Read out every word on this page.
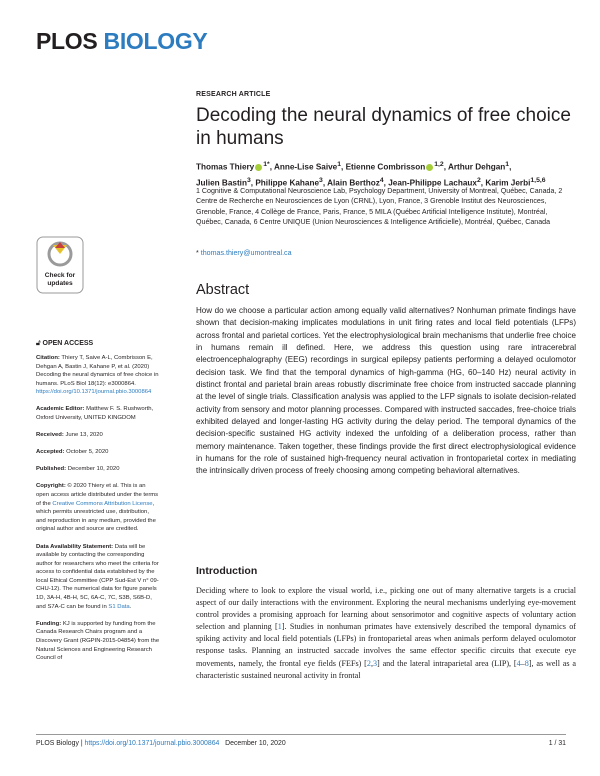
PLOS BIOLOGY
RESEARCH ARTICLE
Decoding the neural dynamics of free choice in humans
Thomas Thiery $^{1*}$, Anne-Lise Saive$^1$, Etienne Combrisson $^{1,2}$, Arthur Dehgan$^1$,
Julien Bastin$^3$, Philippe Kahane$^3$, Alain Berthoz$^4$, Jean-Philippe Lachaux$^2$, Karim Jerbi$^{1,5,6}$
1 Cognitive & Computational Neuroscience Lab, Psychology Department, University of Montreal, Québec, Canada, 2 Centre de Recherche en Neurosciences de Lyon (CRNL), Lyon, France, 3 Grenoble Institut des Neurosciences, Grenoble, France, 4 Collège de France, Paris, France, 5 MILA (Québec Artificial Intelligence Institute), Montréal, Québec, Canada, 6 Centre UNIQUE (Union Neurosciences & Intelligence Artificielle), Montréal, Québec, Canada
* thomas.thiery@umontreal.ca
Abstract
How do we choose a particular action among equally valid alternatives? Nonhuman primate findings have shown that decision-making implicates modulations in unit firing rates and local field potentials (LFPs) across frontal and parietal cortices. Yet the electrophysiological brain mechanisms that underlie free choice in humans remain ill defined. Here, we address this question using rare intracerebral electroencephalography (EEG) recordings in surgical epilepsy patients performing a delayed oculomotor decision task. We find that the temporal dynamics of high-gamma (HG, 60–140 Hz) neural activity in distinct frontal and parietal brain areas robustly discriminate free choice from instructed saccade planning at the level of single trials. Classification analysis was applied to the LFP signals to isolate decision-related activity from sensory and motor planning processes. Compared with instructed saccades, free-choice trials exhibited delayed and longer-lasting HG activity during the delay period. The temporal dynamics of the decision-specific sustained HG activity indexed the unfolding of a deliberation process, rather than memory maintenance. Taken together, these findings provide the first direct electrophysiological evidence in humans for the role of sustained high-frequency neural activation in frontoparietal cortex in mediating the intrinsically driven process of freely choosing among competing behavioral alternatives.
Introduction
Deciding where to look to explore the visual world, i.e., picking one out of many alternative targets is a crucial aspect of our daily interactions with the environment. Exploring the neural mechanisms underlying eye-movement control provides a promising approach for learning about sensorimotor and cognitive aspects of voluntary action selection and planning [1]. Studies in nonhuman primates have extensively described the temporal dynamics of spiking activity and local field potentials (LFPs) in frontoparietal areas when animals perform delayed oculomotor response tasks. Planning an instructed saccade involves the same effector specific circuits that execute eye movements, namely, the frontal eye fields (FEFs) [2,3] and the lateral intraparietal area (LIP), [4–8], as well as a characteristic sustained neuronal activity in frontal
Check for
updates
🔓︎ OPEN ACCESS
Citation: Thiery T, Saive A-L, Combrisson E, Dehgan A, Bastin J, Kahane P, et al. (2020) Decoding the neural dynamics of free choice in humans. PLoS Biol 18(12): e3000864. https://doi.org/10.1371/journal.pbio.3000864
Academic Editor: Matthew F. S. Rushworth, Oxford University, UNITED KINGDOM
Received: June 13, 2020
Accepted: October 5, 2020
Published: December 10, 2020
Copyright: © 2020 Thiery et al. This is an open access article distributed under the terms of the Creative Commons Attribution License, which permits unrestricted use, distribution, and reproduction in any medium, provided the original author and source are credited.
Data Availability Statement: Data will be available by contacting the corresponding author for researchers who meet the criteria for access to confidential data established by the local Ethical Committee (CPP Sud-Est V n° 09-CHU-12). The numerical data for figure panels 1D, 3A-H, 4B-H, 5C, 6A-C, 7C, S3B, S6B-D, and S7A-C can be found in S1 Data.
Funding: KJ is supported by funding from the Canada Research Chairs program and a Discovery Grant (RGPIN-2015-04854) from the Natural Sciences and Engineering Research Council of
PLOS Biology | https://doi.org/10.1371/journal.pbio.3000864 December 10, 2020	1 / 31
